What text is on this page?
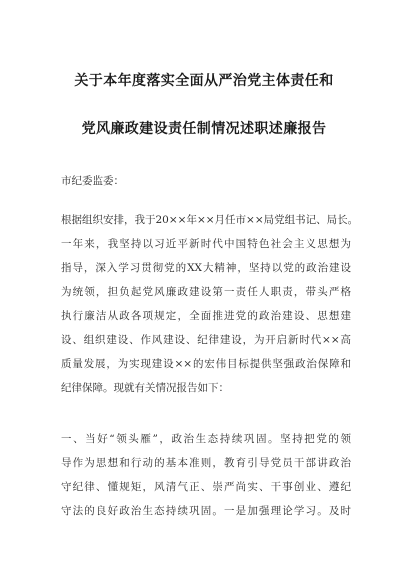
关于本年度落实全面从严治党主体责任和
党风廉政建设责任制情况述职述廉报告
市纪委监委：
根据组织安排，我于20××年××月任市××局党组书记、局长。
一年来，我坚持以习近平新时代中国特色社会主义思想为
指导，深入学习贯彻党的XX大精神，坚持以党的政治建设
为统领，担负起党风廉政建设第一责任人职责，带头严格
执行廉洁从政各项规定，全面推进党的政治建设、思想建
设、组织建设、作风建设、纪律建设，为开启新时代××高
质量发展，为实现建设××的宏伟目标提供坚强政治保障和
纪律保障。现就有关情况报告如下：
一、当好“领头雁”，政治生态持续巩固。坚持把党的领
导作为思想和行动的基本准则，教育引导党员干部讲政治
守纪律、懂规矩，风清气正、崇严尚实、干事创业、遵纪
守法的良好政治生态持续巩固。一是加强理论学习。及时
